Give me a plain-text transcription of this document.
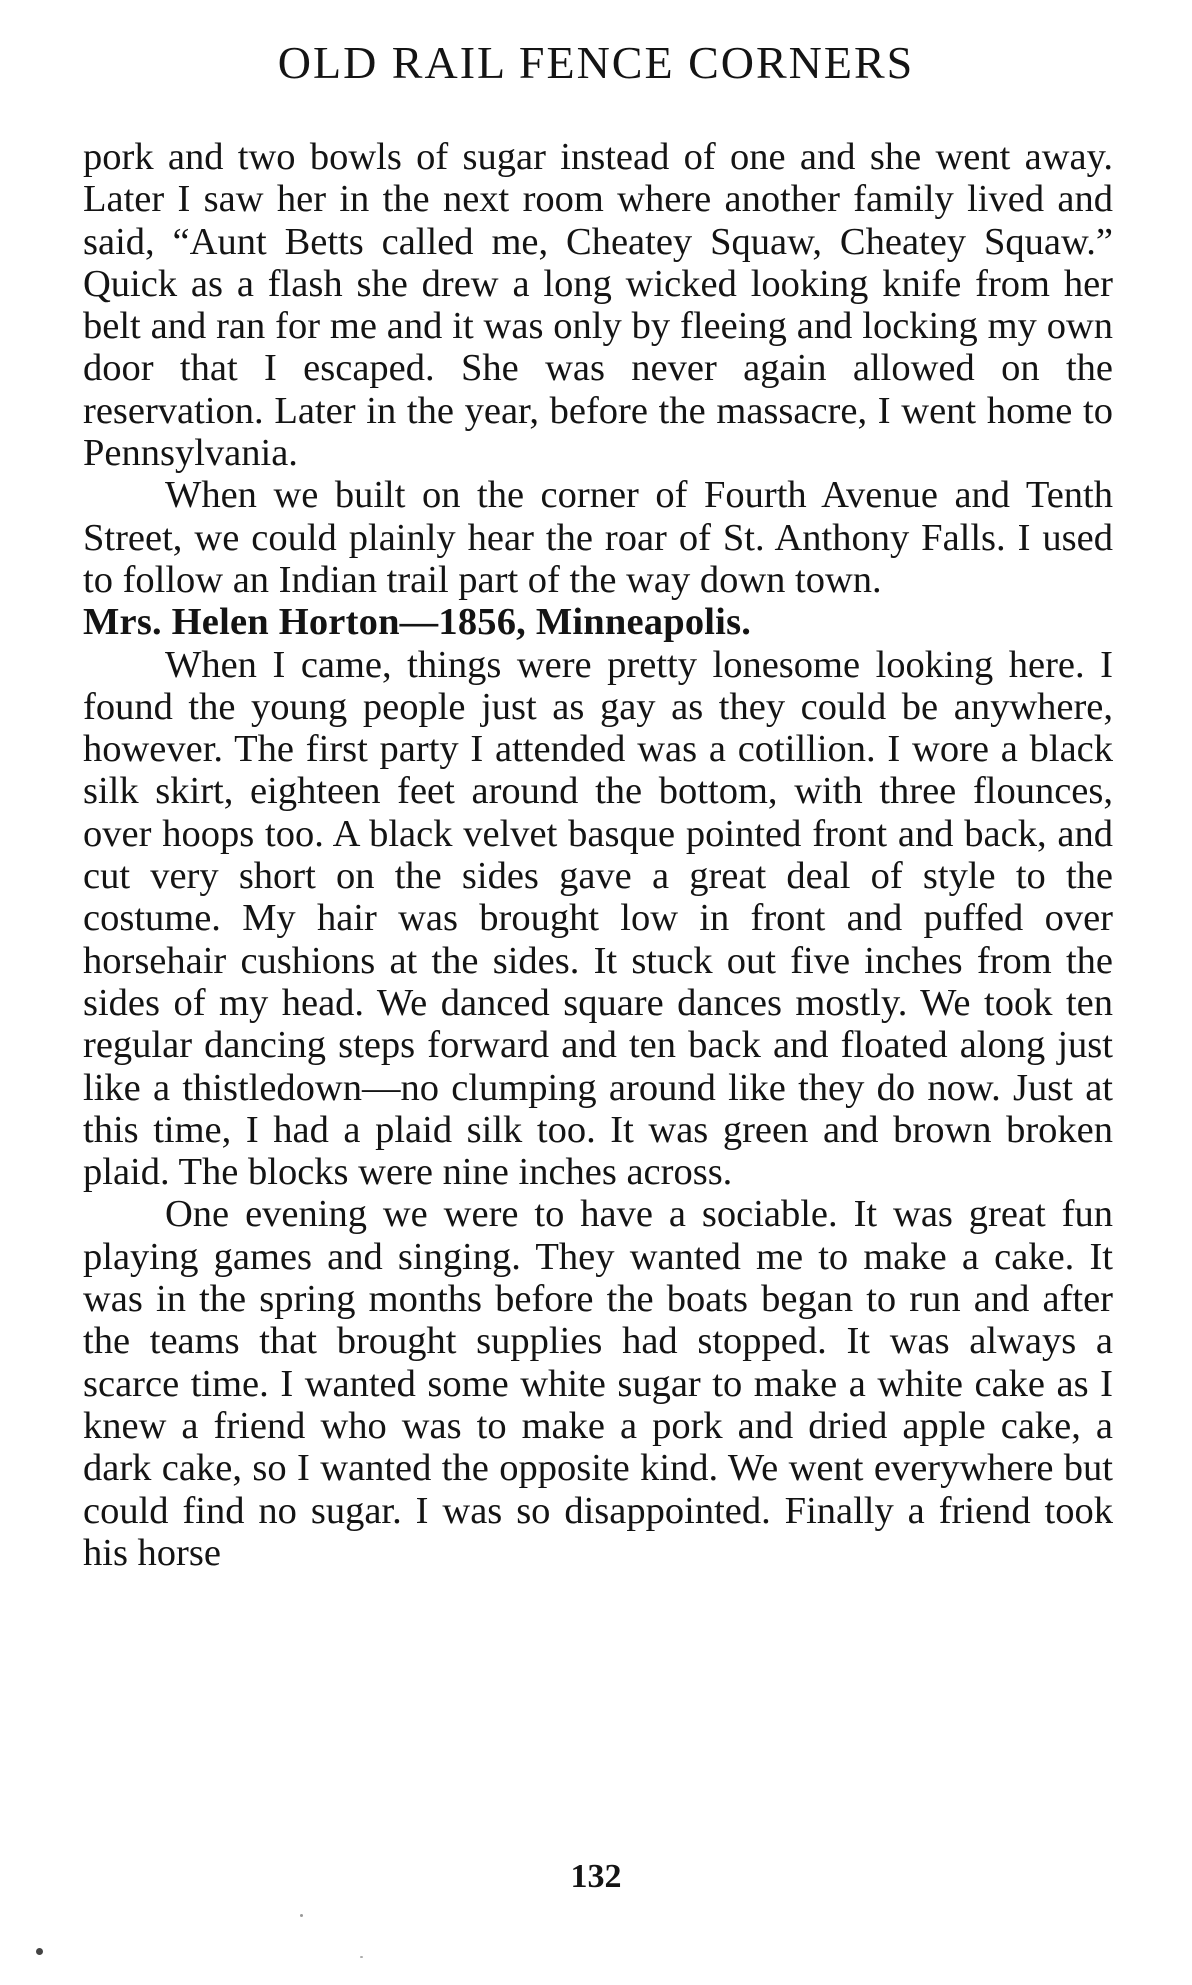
OLD RAIL FENCE CORNERS

pork and two bowls of sugar instead of one and she went away. Later I saw her in the next room where another family lived and said, “Aunt Betts called me, Cheatey Squaw, Cheatey Squaw.” Quick as a flash she drew a long wicked looking knife from her belt and ran for me and it was only by fleeing and locking my own door that I escaped. She was never again allowed on the reservation. Later in the year, before the massacre, I went home to Pennsylvania.

When we built on the corner of Fourth Avenue and Tenth Street, we could plainly hear the roar of St. Anthony Falls. I used to follow an Indian trail part of the way down town.

Mrs. Helen Horton—1856, Minneapolis.

When I came, things were pretty lonesome looking here. I found the young people just as gay as they could be anywhere, however. The first party I attended was a cotillion. I wore a black silk skirt, eighteen feet around the bottom, with three flounces, over hoops too. A black velvet basque pointed front and back, and cut very short on the sides gave a great deal of style to the costume. My hair was brought low in front and puffed over horsehair cushions at the sides. It stuck out five inches from the sides of my head. We danced square dances mostly. We took ten regular dancing steps forward and ten back and floated along just like a thistledown—no clumping around like they do now. Just at this time, I had a plaid silk too. It was green and brown broken plaid. The blocks were nine inches across.

One evening we were to have a sociable. It was great fun playing games and singing. They wanted me to make a cake. It was in the spring months before the boats began to run and after the teams that brought supplies had stopped. It was always a scarce time. I wanted some white sugar to make a white cake as I knew a friend who was to make a pork and dried apple cake, a dark cake, so I wanted the opposite kind. We went everywhere but could find no sugar. I was so disappointed. Finally a friend took his horse

132
